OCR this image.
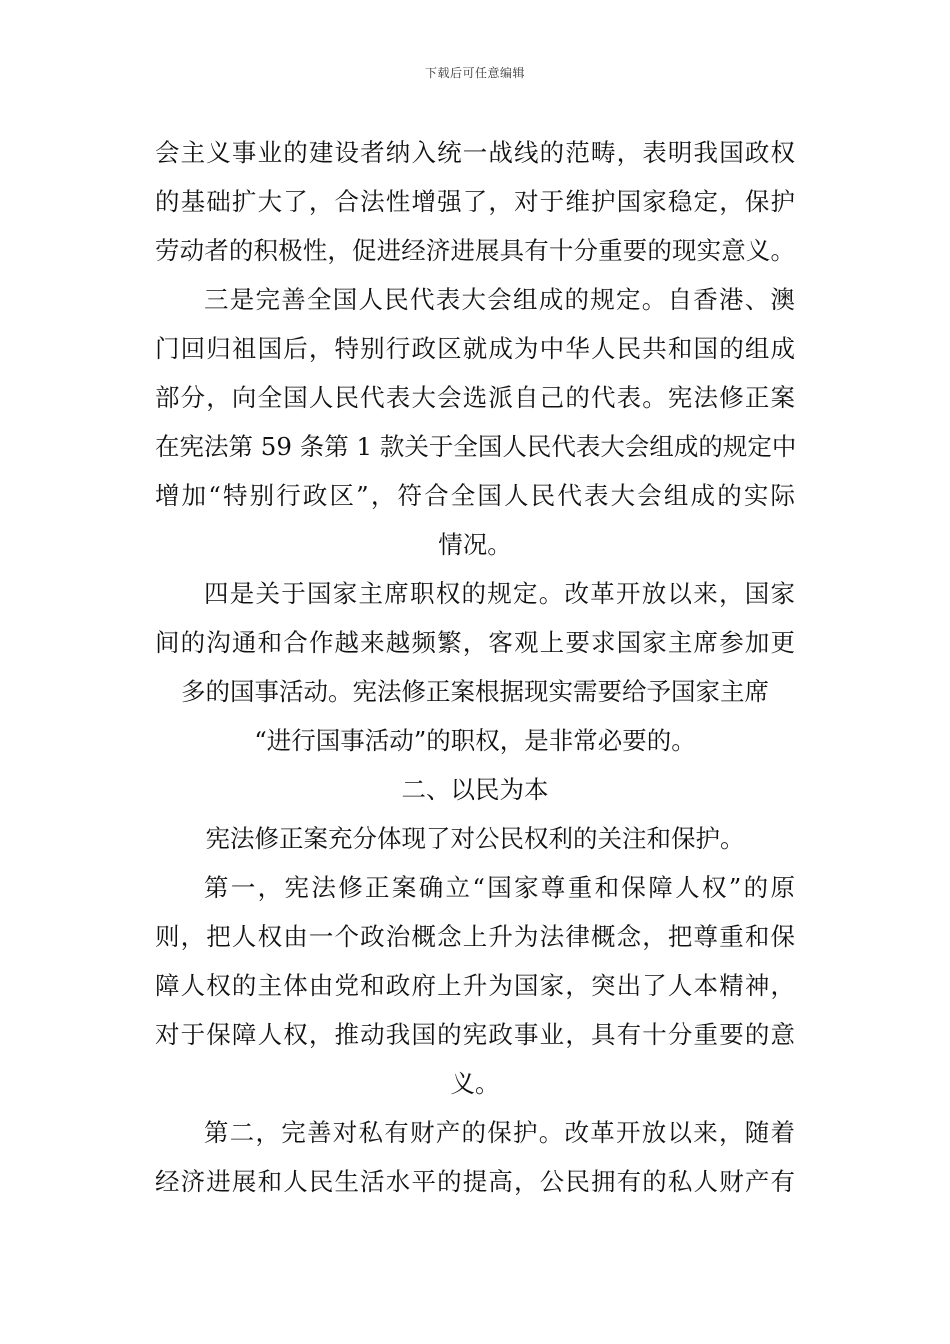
下载后可任意编辑
会主义事业的建设者纳入统一战线的范畴，表明我国政权
的基础扩大了，合法性增强了，对于维护国家稳定，保护
劳动者的积极性，促进经济进展具有十分重要的现实意义。
三是完善全国人民代表大会组成的规定。自香港、澳
门回归祖国后，特别行政区就成为中华人民共和国的组成
部分，向全国人民代表大会选派自己的代表。宪法修正案
在宪法第 59 条第 1 款关于全国人民代表大会组成的规定中
增加“特别行政区”，符合全国人民代表大会组成的实际
情况。
四是关于国家主席职权的规定。改革开放以来，国家
间的沟通和合作越来越频繁，客观上要求国家主席参加更
多的国事活动。宪法修正案根据现实需要给予国家主席
“进行国事活动”的职权，是非常必要的。
二、以民为本
宪法修正案充分体现了对公民权利的关注和保护。
第一，宪法修正案确立“国家尊重和保障人权”的原
则，把人权由一个政治概念上升为法律概念，把尊重和保
障人权的主体由党和政府上升为国家，突出了人本精神，
对于保障人权，推动我国的宪政事业，具有十分重要的意
义。
第二，完善对私有财产的保护。改革开放以来，随着
经济进展和人民生活水平的提高，公民拥有的私人财产有
